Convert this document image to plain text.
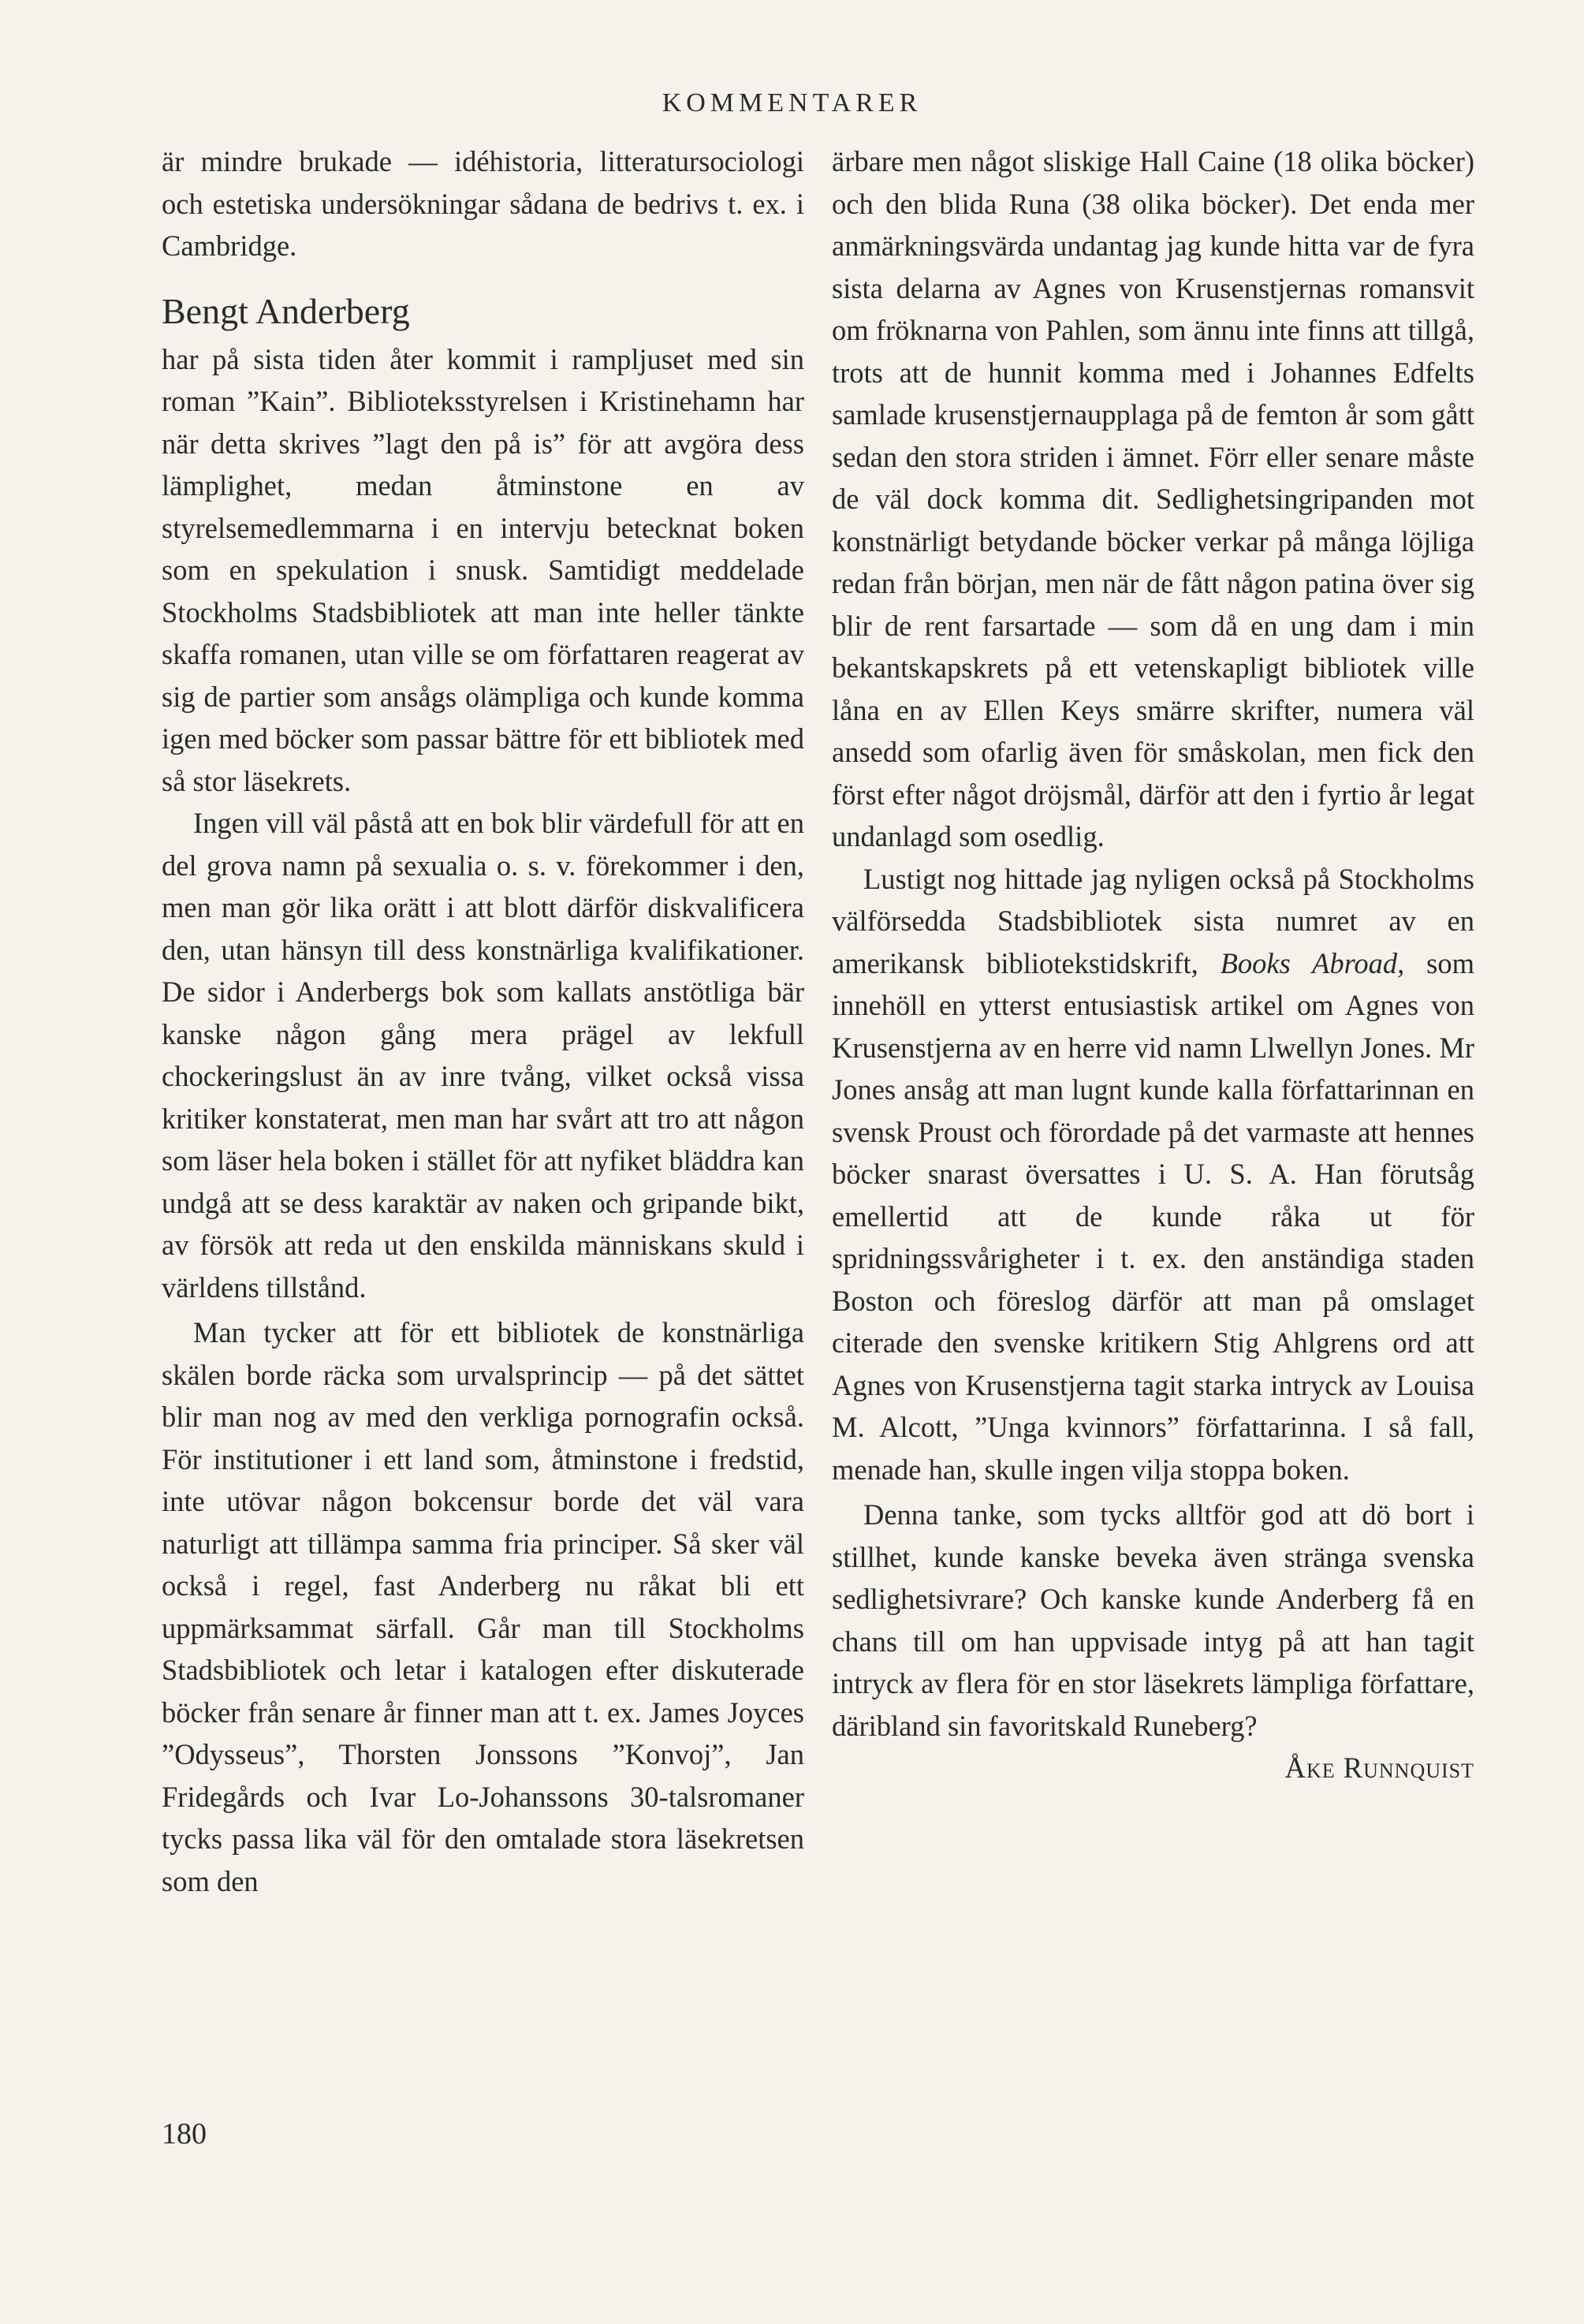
KOMMENTARER

är mindre brukade — idéhistoria, litteratursociologi och estetiska undersökningar sådana de bedrivs t. ex. i Cambridge.

Bengt Anderberg

har på sista tiden åter kommit i rampljuset med sin roman ”Kain”. Biblioteksstyrelsen i Kristinehamn har när detta skrives ”lagt den på is” för att avgöra dess lämplighet, medan åtminstone en av styrelsemedlemmarna i en intervju betecknat boken som en spekulation i snusk. Samtidigt meddelade Stockholms Stadsbibliotek att man inte heller tänkte skaffa romanen, utan ville se om författaren reagerat av sig de partier som ansågs olämpliga och kunde komma igen med böcker som passar bättre för ett bibliotek med så stor läsekrets.

Ingen vill väl påstå att en bok blir värdefull för att en del grova namn på sexualia o. s. v. förekommer i den, men man gör lika orätt i att blott därför diskvalificera den, utan hänsyn till dess konstnärliga kvalifikationer. De sidor i Anderbergs bok som kallats anstötliga bär kanske någon gång mera prägel av lekfull chockeringslust än av inre tvång, vilket också vissa kritiker konstaterat, men man har svårt att tro att någon som läser hela boken i stället för att nyfiket bläddra kan undgå att se dess karaktär av naken och gripande bikt, av försök att reda ut den enskilda människans skuld i världens tillstånd.

Man tycker att för ett bibliotek de konstnärliga skälen borde räcka som urvalsprincip — på det sättet blir man nog av med den verkliga pornografin också. För institutioner i ett land som, åtminstone i fredstid, inte utövar någon bokcensur borde det väl vara naturligt att tillämpa samma fria principer. Så sker väl också i regel, fast Anderberg nu råkat bli ett uppmärksammat särfall. Går man till Stockholms Stadsbibliotek och letar i katalogen efter diskuterade böcker från senare år finner man att t. ex. James Joyces ”Odysseus”, Thorsten Jonssons ”Konvoj”, Jan Fridegårds och Ivar Lo-Johanssons 30-talsromaner tycks passa lika väl för den omtalade stora läsekretsen som den

ärbare men något sliskige Hall Caine (18 olika böcker) och den blida Runa (38 olika böcker). Det enda mer anmärkningsvärda undantag jag kunde hitta var de fyra sista delarna av Agnes von Krusenstjernas romansvit om fröknarna von Pahlen, som ännu inte finns att tillgå, trots att de hunnit komma med i Johannes Edfelts samlade krusenstjernaupplaga på de femton år som gått sedan den stora striden i ämnet. Förr eller senare måste de väl dock komma dit. Sedlighetsingripanden mot konstnärligt betydande böcker verkar på många löjliga redan från början, men när de fått någon patina över sig blir de rent farsartade — som då en ung dam i min bekantskapskrets på ett vetenskapligt bibliotek ville låna en av Ellen Keys smärre skrifter, numera väl ansedd som ofarlig även för småskolan, men fick den först efter något dröjsmål, därför att den i fyrtio år legat undanlagd som osedlig.

Lustigt nog hittade jag nyligen också på Stockholms välförsedda Stadsbibliotek sista numret av en amerikansk bibliotekstidskrift, Books Abroad, som innehöll en ytterst entusiastisk artikel om Agnes von Krusenstjerna av en herre vid namn Llwellyn Jones. Mr Jones ansåg att man lugnt kunde kalla författarinnan en svensk Proust och förordade på det varmaste att hennes böcker snarast översattes i U. S. A. Han förutsåg emellertid att de kunde råka ut för spridningssvårigheter i t. ex. den anständiga staden Boston och föreslog därför att man på omslaget citerade den svenske kritikern Stig Ahlgrens ord att Agnes von Krusenstjerna tagit starka intryck av Louisa M. Alcott, ”Unga kvinnors” författarinna. I så fall, menade han, skulle ingen vilja stoppa boken.

Denna tanke, som tycks alltför god att dö bort i stillhet, kunde kanske beveka även stränga svenska sedlighetsivrare? Och kanske kunde Anderberg få en chans till om han uppvisade intyg på att han tagit intryck av flera för en stor läsekrets lämpliga författare, däribland sin favoritskald Runeberg?

Åke Runnquist

180
